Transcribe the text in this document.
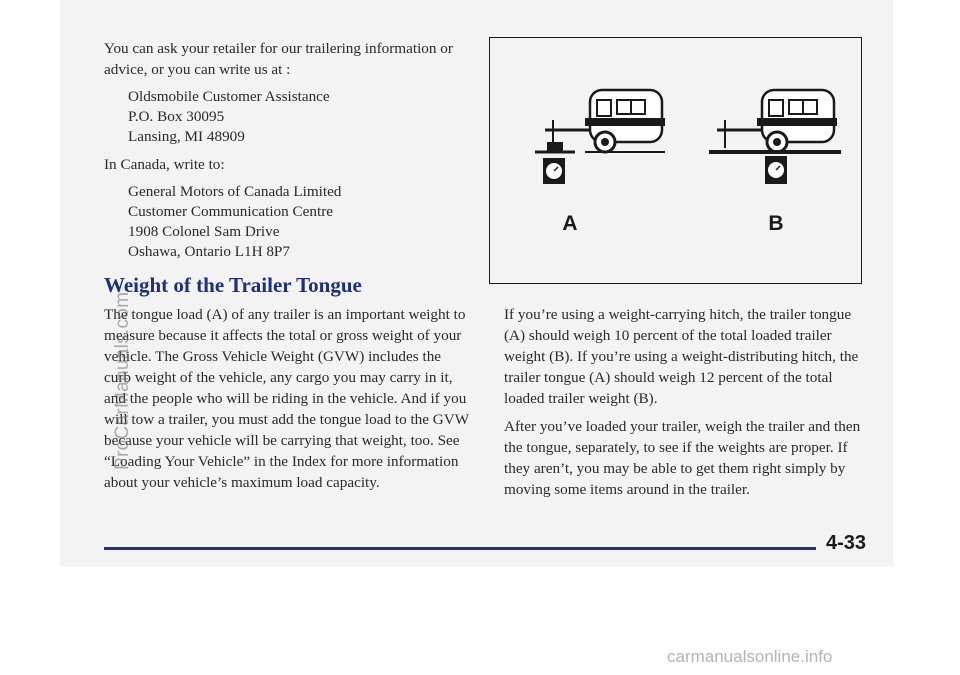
You can ask your retailer for our trailering information or advice, or you can write us at :

Oldsmobile Customer Assistance
P.O. Box 30095
Lansing, MI 48909

In Canada, write to:

General Motors of Canada Limited
Customer Communication Centre
1908 Colonel Sam Drive
Oshawa, Ontario L1H 8P7
Weight of the Trailer Tongue

The tongue load (A) of any trailer is an important weight to measure because it affects the total or gross weight of your vehicle. The Gross Vehicle Weight (GVW) includes the curb weight of the vehicle, any cargo you may carry in it, and the people who will be riding in the vehicle. And if you will tow a trailer, you must add the tongue load to the GVW because your vehicle will be carrying that weight, too. See “Loading Your Vehicle” in the Index for more information about your vehicle’s maximum load capacity.

A	B

If you’re using a weight-carrying hitch, the trailer tongue (A) should weigh 10 percent of the total loaded trailer weight (B). If you’re using a weight-distributing hitch, the trailer tongue (A) should weigh 12 percent of the total loaded trailer weight (B).

After you’ve loaded your trailer, weigh the trailer and then the tongue, separately, to see if the weights are proper. If they aren’t, you may be able to get them right simply by moving some items around in the trailer.

4-33
ProCarManuals.com
carmanualsonline.info
